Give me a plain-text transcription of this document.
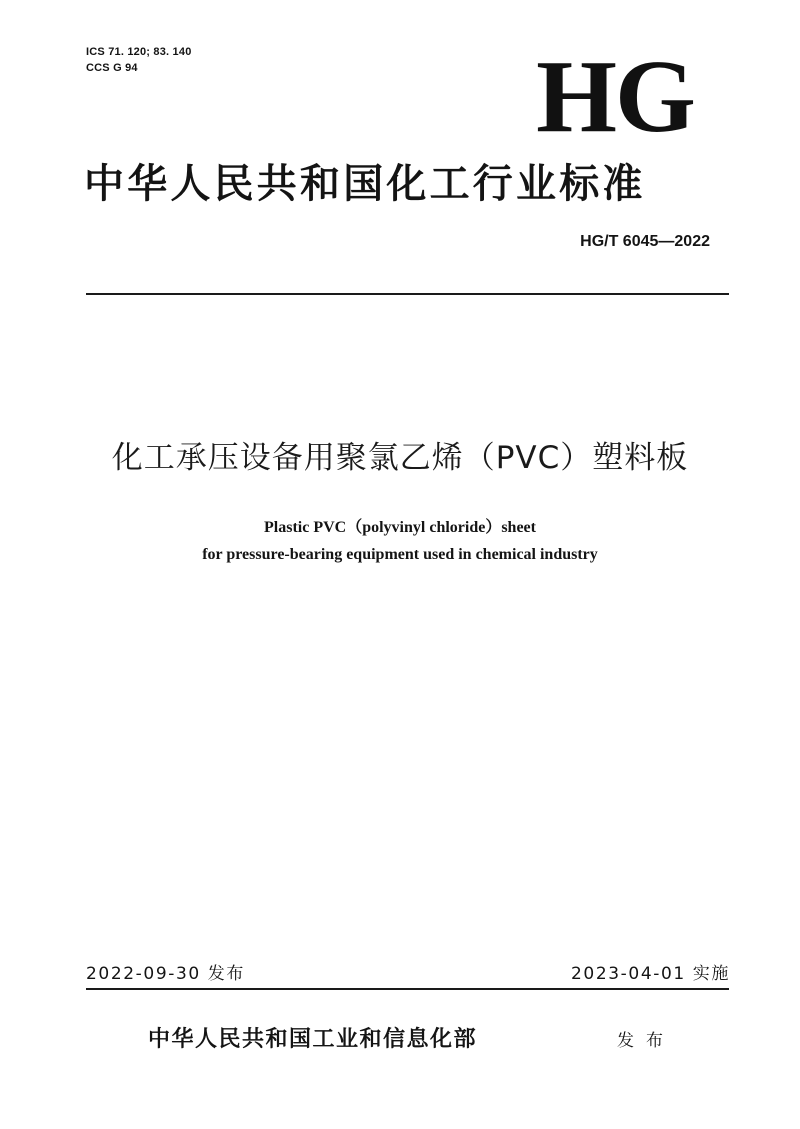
ICS 71. 120; 83. 140
CCS G 94	HG
中华人民共和国化工行业标准
HG/T 6045—2022
化工承压设备用聚氯乙烯（PVC）塑料板
Plastic PVC（polyvinyl chloride）sheet
for pressure-bearing equipment used in chemical industry
2022-09-30 发布	2023-04-01 实施
中华人民共和国工业和信息化部	发布
